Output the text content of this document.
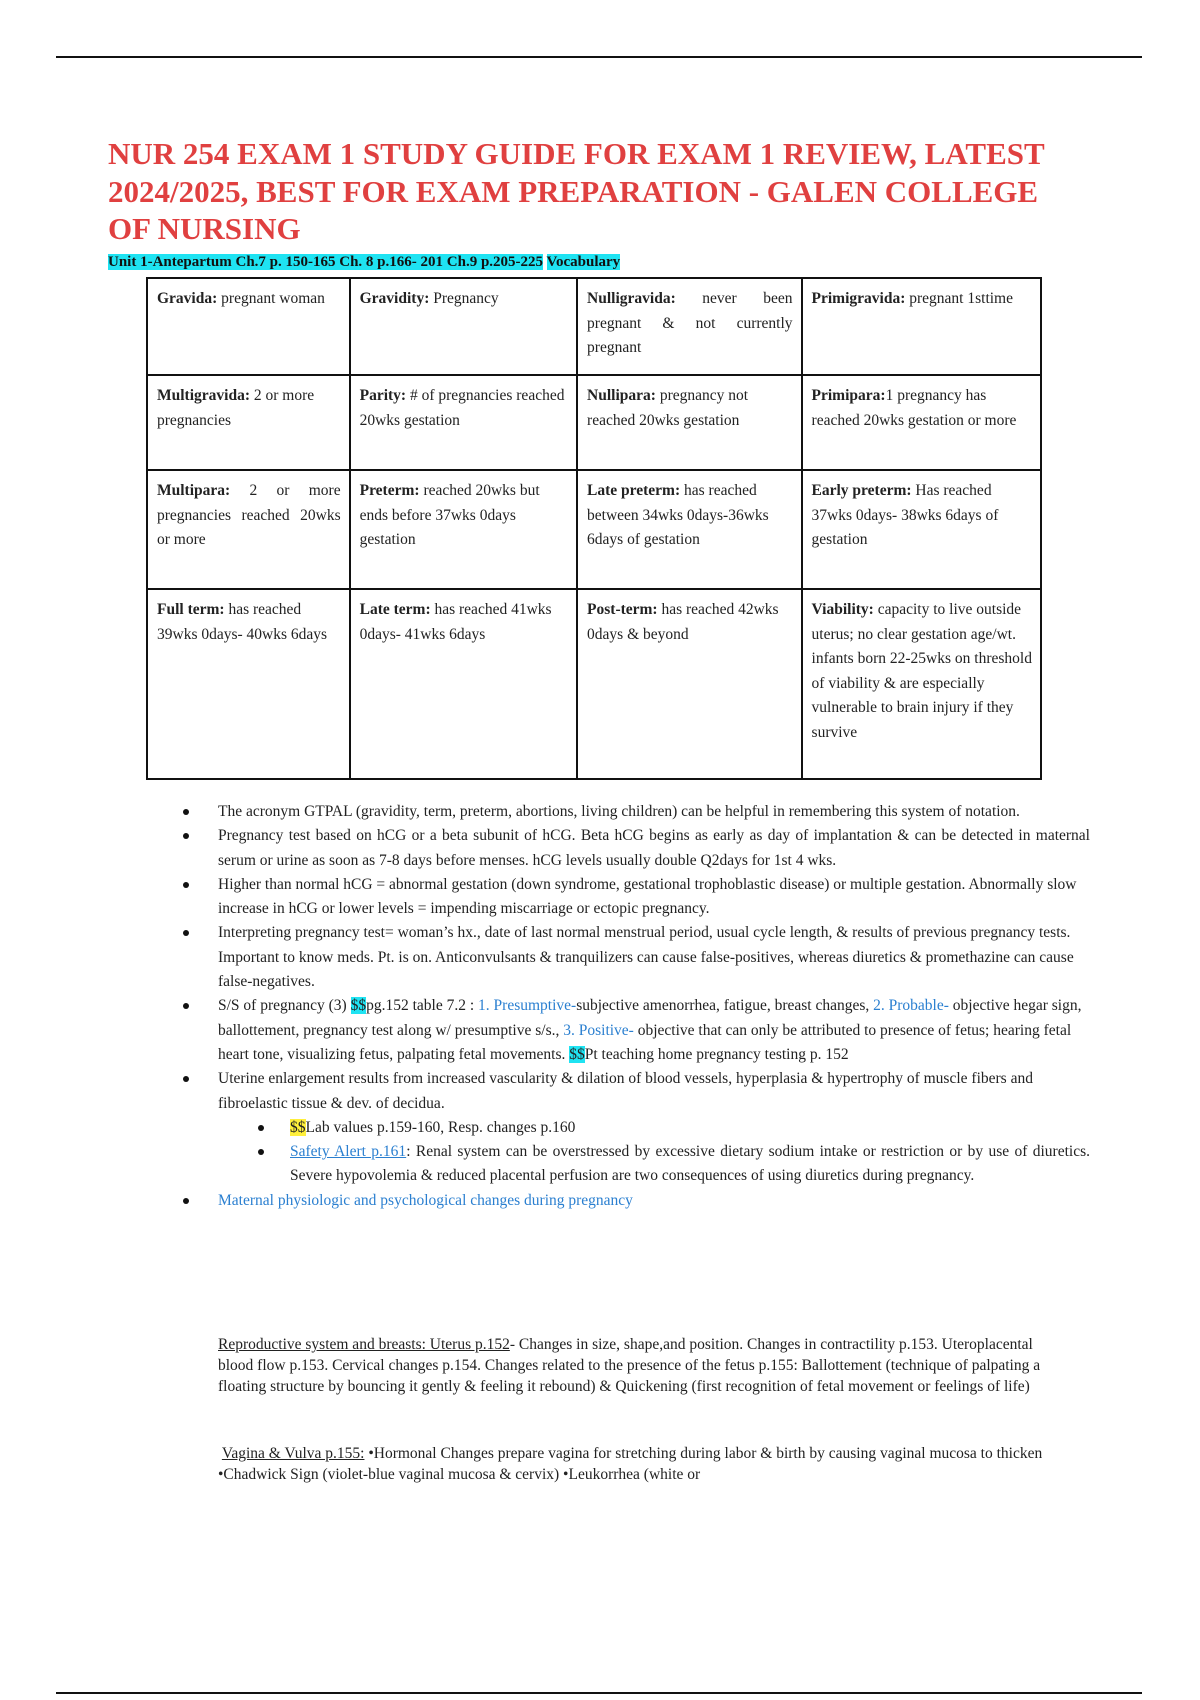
NUR 254 EXAM 1 STUDY GUIDE FOR EXAM 1 REVIEW, LATEST 2024/2025, BEST FOR EXAM PREPARATION - GALEN COLLEGE OF NURSING
Unit 1-Antepartum Ch.7 p. 150-165 Ch. 8 p.166- 201 Ch.9 p.205-225 Vocabulary
Gravida: pregnant woman	Gravidity: Pregnancy	Nulligravida: never been pregnant & not currently pregnant	Primigravida: pregnant 1sttime
Multigravida: 2 or more pregnancies	Parity: # of pregnancies reached 20wks gestation	Nullipara: pregnancy not reached 20wks gestation	Primipara:1 pregnancy has reached 20wks gestation or more
Multipara: 2 or more pregnancies reached 20wks or more	Preterm: reached 20wks but ends before 37wks 0days gestation	Late preterm: has reached between 34wks 0days-36wks 6days of gestation	Early preterm: Has reached 37wks 0days- 38wks 6days of gestation
Full term: has reached 39wks 0days- 40wks 6days	Late term: has reached 41wks 0days- 41wks 6days	Post-term: has reached 42wks 0days & beyond	Viability: capacity to live outside uterus; no clear gestation age/wt. infants born 22-25wks on threshold of viability & are especially vulnerable to brain injury if they survive
The acronym GTPAL (gravidity, term, preterm, abortions, living children) can be helpful in remembering this system of notation.
Pregnancy test based on hCG or a beta subunit of hCG. Beta hCG begins as early as day of implantation & can be detected in maternal serum or urine as soon as 7-8 days before menses. hCG levels usually double Q2days for 1st 4 wks.
Higher than normal hCG = abnormal gestation (down syndrome, gestational trophoblastic disease) or multiple gestation. Abnormally slow increase in hCG or lower levels = impending miscarriage or ectopic pregnancy.
Interpreting pregnancy test= woman’s hx., date of last normal menstrual period, usual cycle length, & results of previous pregnancy tests. Important to know meds. Pt. is on. Anticonvulsants & tranquilizers can cause false-positives, whereas diuretics & promethazine can cause false-negatives.
S/S of pregnancy (3) $$pg.152 table 7.2 : 1. Presumptive-subjective amenorrhea, fatigue, breast changes, 2. Probable- objective hegar sign, ballottement, pregnancy test along w/ presumptive s/s., 3. Positive- objective that can only be attributed to presence of fetus; hearing fetal heart tone, visualizing fetus, palpating fetal movements. $$Pt teaching home pregnancy testing p. 152
Uterine enlargement results from increased vascularity & dilation of blood vessels, hyperplasia & hypertrophy of muscle fibers and fibroelastic tissue & dev. of decidua.
$$Lab values p.159-160, Resp. changes p.160
Safety Alert p.161: Renal system can be overstressed by excessive dietary sodium intake or restriction or by use of diuretics. Severe hypovolemia & reduced placental perfusion are two consequences of using diuretics during pregnancy.
Maternal physiologic and psychological changes during pregnancy
Reproductive system and breasts: Uterus p.152- Changes in size, shape,and position. Changes in contractility p.153. Uteroplacental blood flow p.153. Cervical changes p.154. Changes related to the presence of the fetus p.155: Ballottement (technique of palpating a floating structure by bouncing it gently & feeling it rebound) & Quickening (first recognition of fetal movement or feelings of life)
Vagina & Vulva p.155: •Hormonal Changes prepare vagina for stretching during labor & birth by causing vaginal mucosa to thicken •Chadwick Sign (violet-blue vaginal mucosa & cervix) •Leukorrhea (white or
